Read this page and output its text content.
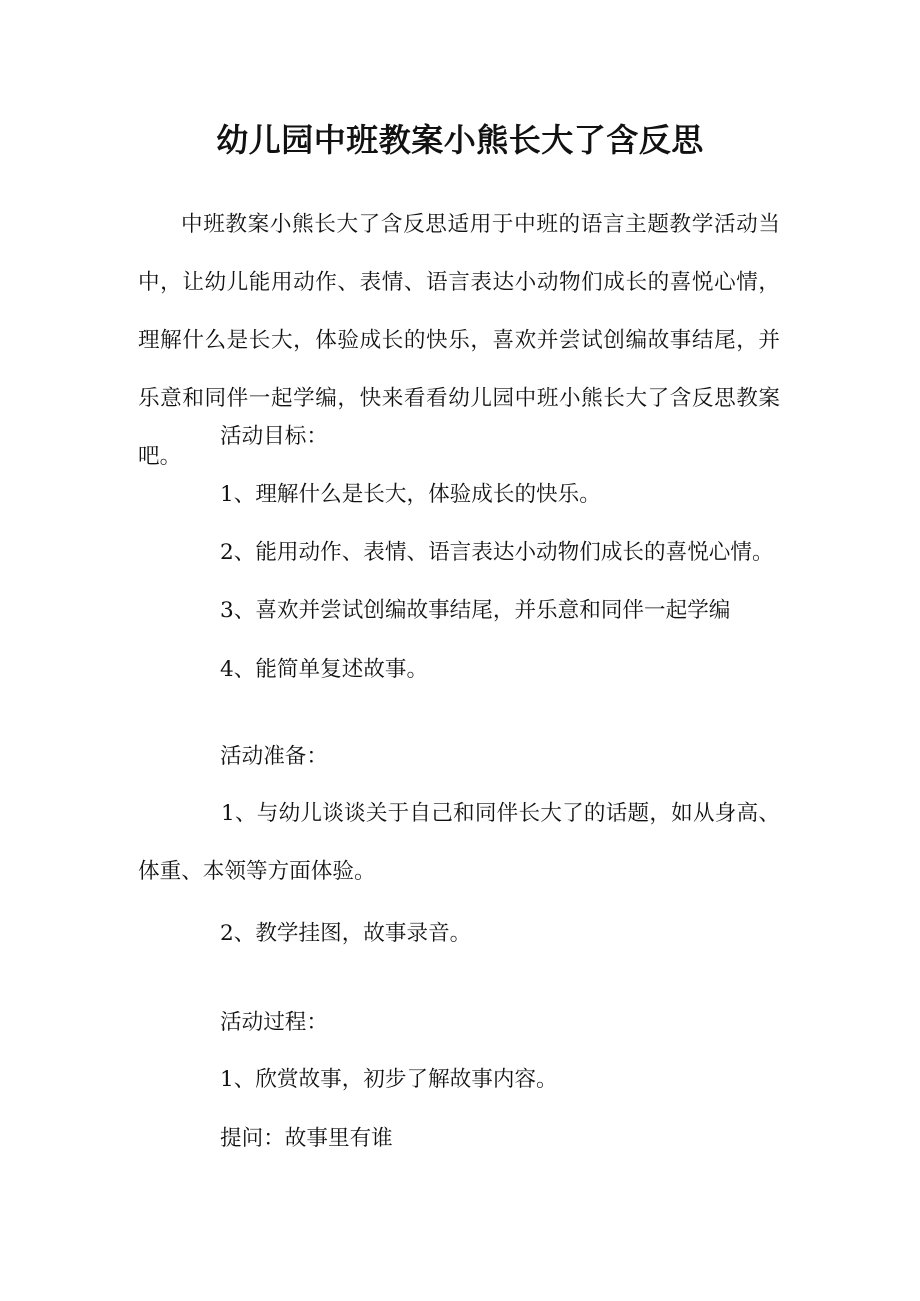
幼儿园中班教案小熊长大了含反思

中班教案小熊长大了含反思适用于中班的语言主题教学活动当中，让幼儿能用动作、表情、语言表达小动物们成长的喜悦心情，理解什么是长大，体验成长的快乐，喜欢并尝试创编故事结尾，并乐意和同伴一起学编，快来看看幼儿园中班小熊长大了含反思教案吧。

活动目标：

1、理解什么是长大，体验成长的快乐。

2、能用动作、表情、语言表达小动物们成长的喜悦心情。

3、喜欢并尝试创编故事结尾，并乐意和同伴一起学编

4、能简单复述故事。

活动准备：

1、与幼儿谈谈关于自己和同伴长大了的话题，如从身高、体重、本领等方面体验。

2、教学挂图，故事录音。

活动过程：

1、欣赏故事，初步了解故事内容。

提问：故事里有谁
